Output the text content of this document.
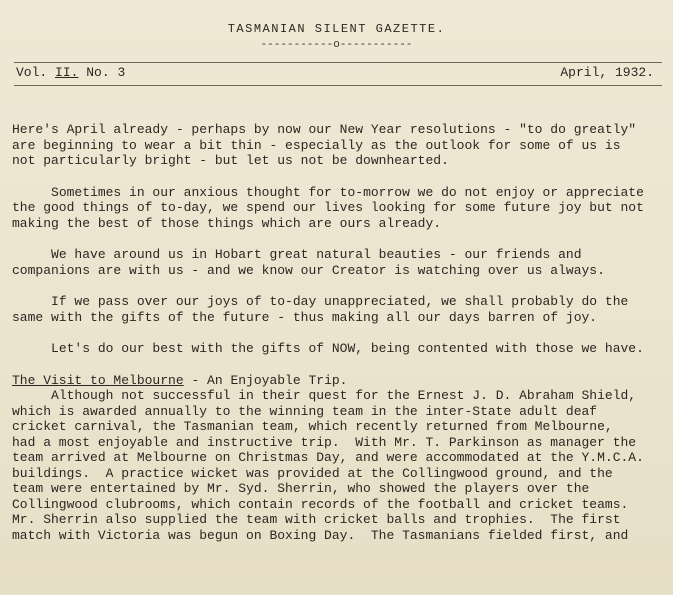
TASMANIAN SILENT GAZETTE.
-----------o-----------
Vol. II. No. 3	April, 1932.

Here's April already - perhaps by now our New Year resolutions - "to do greatly"
are beginning to wear a bit thin - especially as the outlook for some of us is
not particularly bright - but let us not be downhearted.

Sometimes in our anxious thought for to-morrow we do not enjoy or appreciate
the good things of to-day, we spend our lives looking for some future joy but not
making the best of those things which are ours already.

We have around us in Hobart great natural beauties - our friends and
companions are with us - and we know our Creator is watching over us always.

If we pass over our joys of to-day unappreciated, we shall probably do the
same with the gifts of the future - thus making all our days barren of joy.

Let's do our best with the gifts of NOW, being contented with those we have.

The Visit to Melbourne - An Enjoyable Trip.

Although not successful in their quest for the Ernest J. D. Abraham Shield,
which is awarded annually to the winning team in the inter-State adult deaf
cricket carnival, the Tasmanian team, which recently returned from Melbourne,
had a most enjoyable and instructive trip.  With Mr. T. Parkinson as manager the
team arrived at Melbourne on Christmas Day, and were accommodated at the Y.M.C.A.
buildings.  A practice wicket was provided at the Collingwood ground, and the
team were entertained by Mr. Syd. Sherrin, who showed the players over the
Collingwood clubrooms, which contain records of the football and cricket teams.
Mr. Sherrin also supplied the team with cricket balls and trophies.  The first
match with Victoria was begun on Boxing Day.  The Tasmanians fielded first, and
